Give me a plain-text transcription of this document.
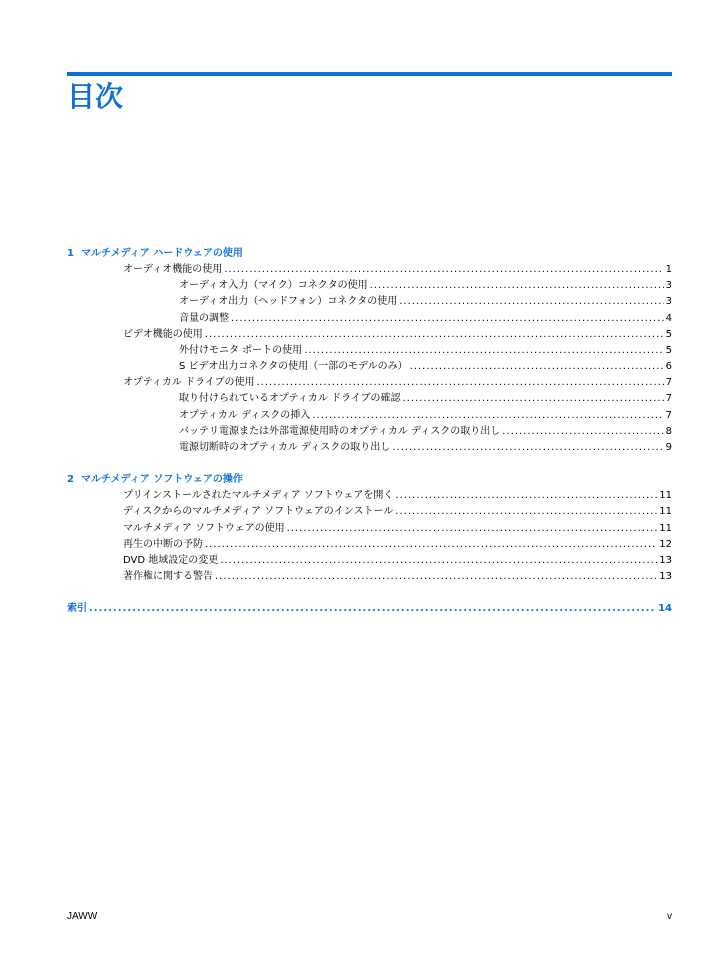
目次
1 マルチメディア ハードウェアの使用
オーディオ機能の使用 .....	1
オーディオ入力（マイク）コネクタの使用 .....	3
オーディオ出力（ヘッドフォン）コネクタの使用 .....	3
音量の調整 .....	4
ビデオ機能の使用 .....	5
外付けモニタ ポートの使用 .....	5
S ビデオ出力コネクタの使用（一部のモデルのみ） .....	6
オプティカル ドライブの使用 .....	7
取り付けられているオプティカル ドライブの確認 .....	7
オプティカル ディスクの挿入 .....	7
バッテリ電源または外部電源使用時のオプティカル ディスクの取り出し .....	8
電源切断時のオプティカル ディスクの取り出し .....	9
2 マルチメディア ソフトウェアの操作
プリインストールされたマルチメディア ソフトウェアを開く .....	11
ディスクからのマルチメディア ソフトウェアのインストール .....	11
マルチメディア ソフトウェアの使用 .....	11
再生の中断の予防 .....	12
DVD 地域設定の変更 .....	13
著作権に関する警告 .....	13
索引 .....	14
JAWW	v
